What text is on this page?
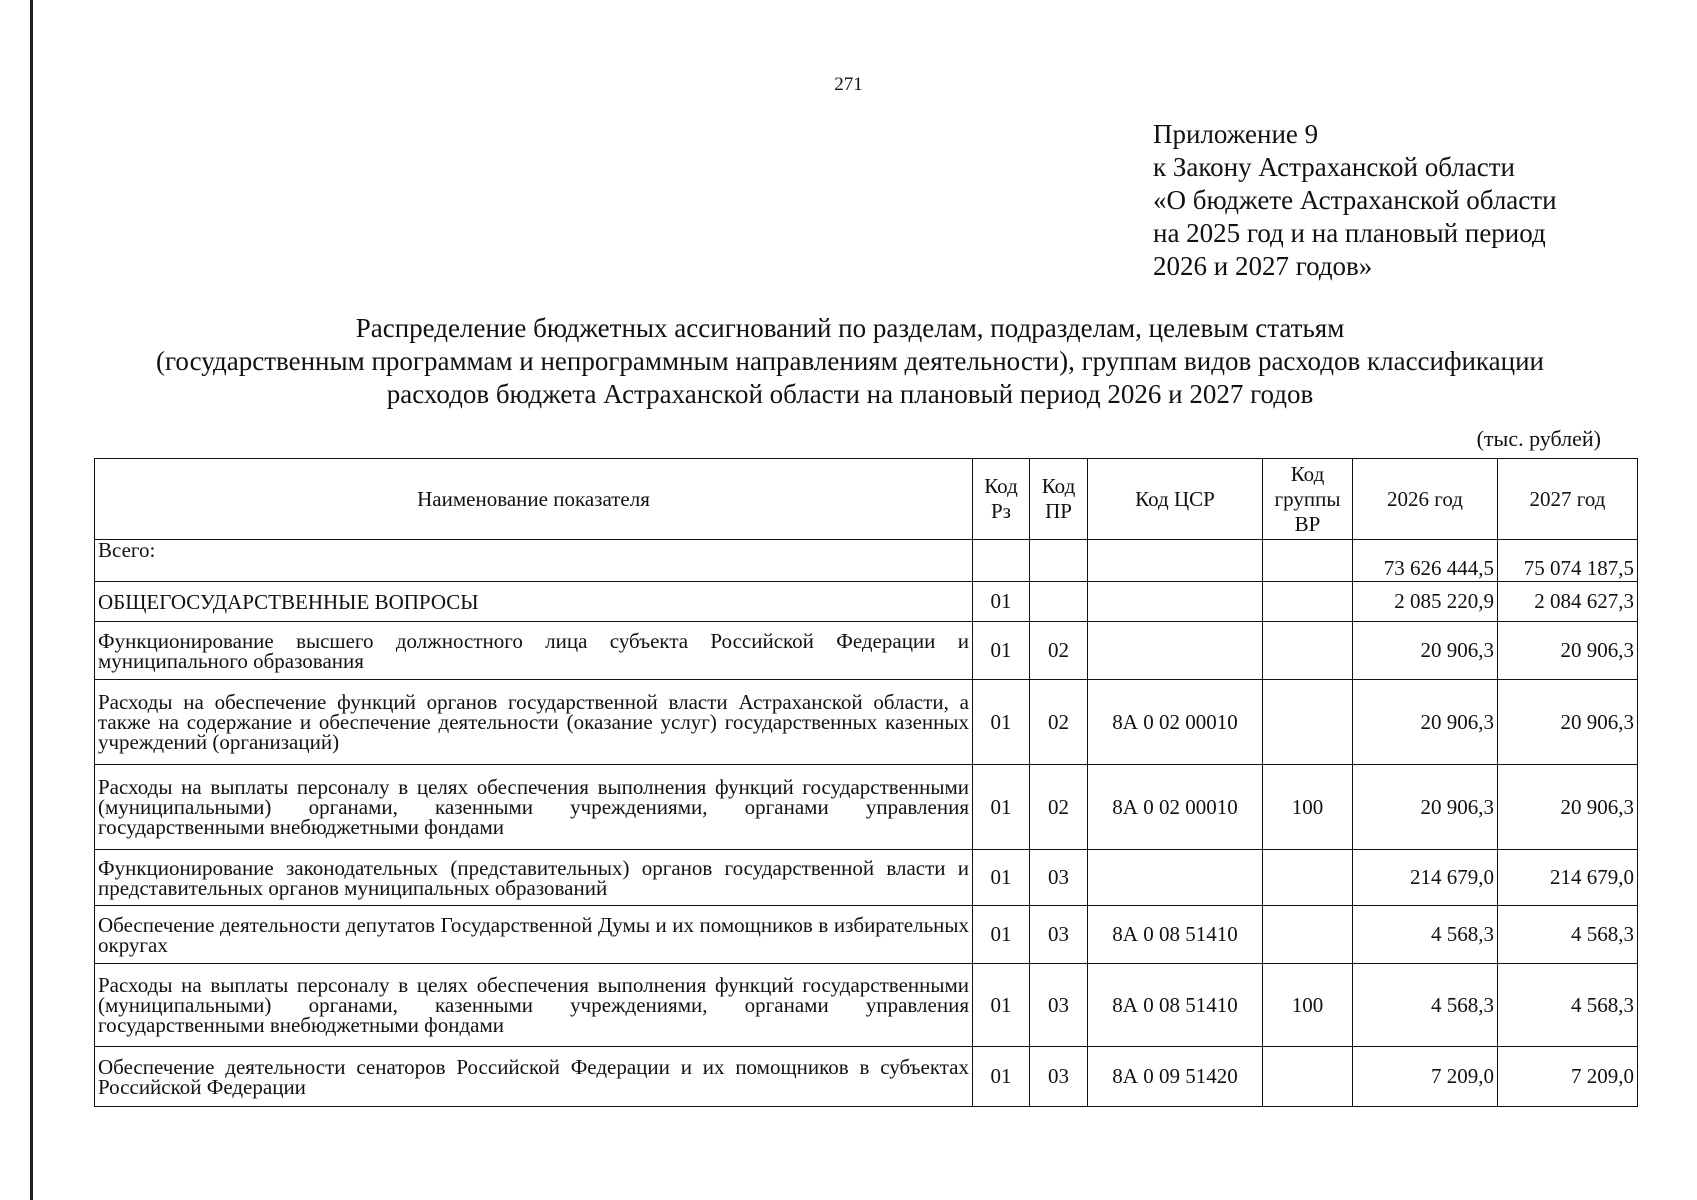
271
Приложение 9
к Закону Астраханской области
«О бюджете Астраханской области
на 2025 год и на плановый период
2026 и 2027 годов»
Распределение бюджетных ассигнований по разделам, подразделам, целевым статьям
(государственным программам и непрограммным направлениям деятельности), группам видов расходов классификации
расходов бюджета Астраханской области на плановый период 2026 и 2027 годов
(тыс. рублей)
Наименование показателя	Код Рз	Код ПР	Код ЦСР	Код группы ВР	2026 год	2027 год
Всего:					73 626 444,5	75 074 187,5
ОБЩЕГОСУДАРСТВЕННЫЕ ВОПРОСЫ	01				2 085 220,9	2 084 627,3
Функционирование высшего должностного лица субъекта Российской Федерации и муниципального образования	01	02			20 906,3	20 906,3
Расходы на обеспечение функций органов государственной власти Астраханской области, а также на содержание и обеспечение деятельности (оказание услуг) государственных казенных учреждений (организаций)	01	02	8А 0 02 00010		20 906,3	20 906,3
Расходы на выплаты персоналу в целях обеспечения выполнения функций государственными (муниципальными) органами, казенными учреждениями, органами управления государственными внебюджетными фондами	01	02	8А 0 02 00010	100	20 906,3	20 906,3
Функционирование законодательных (представительных) органов государственной власти и представительных органов муниципальных образований	01	03			214 679,0	214 679,0
Обеспечение деятельности депутатов Государственной Думы и их помощников в избирательных округах	01	03	8А 0 08 51410		4 568,3	4 568,3
Расходы на выплаты персоналу в целях обеспечения выполнения функций государственными (муниципальными) органами, казенными учреждениями, органами управления государственными внебюджетными фондами	01	03	8А 0 08 51410	100	4 568,3	4 568,3
Обеспечение деятельности сенаторов Российской Федерации и их помощников в субъектах Российской Федерации	01	03	8А 0 09 51420		7 209,0	7 209,0
